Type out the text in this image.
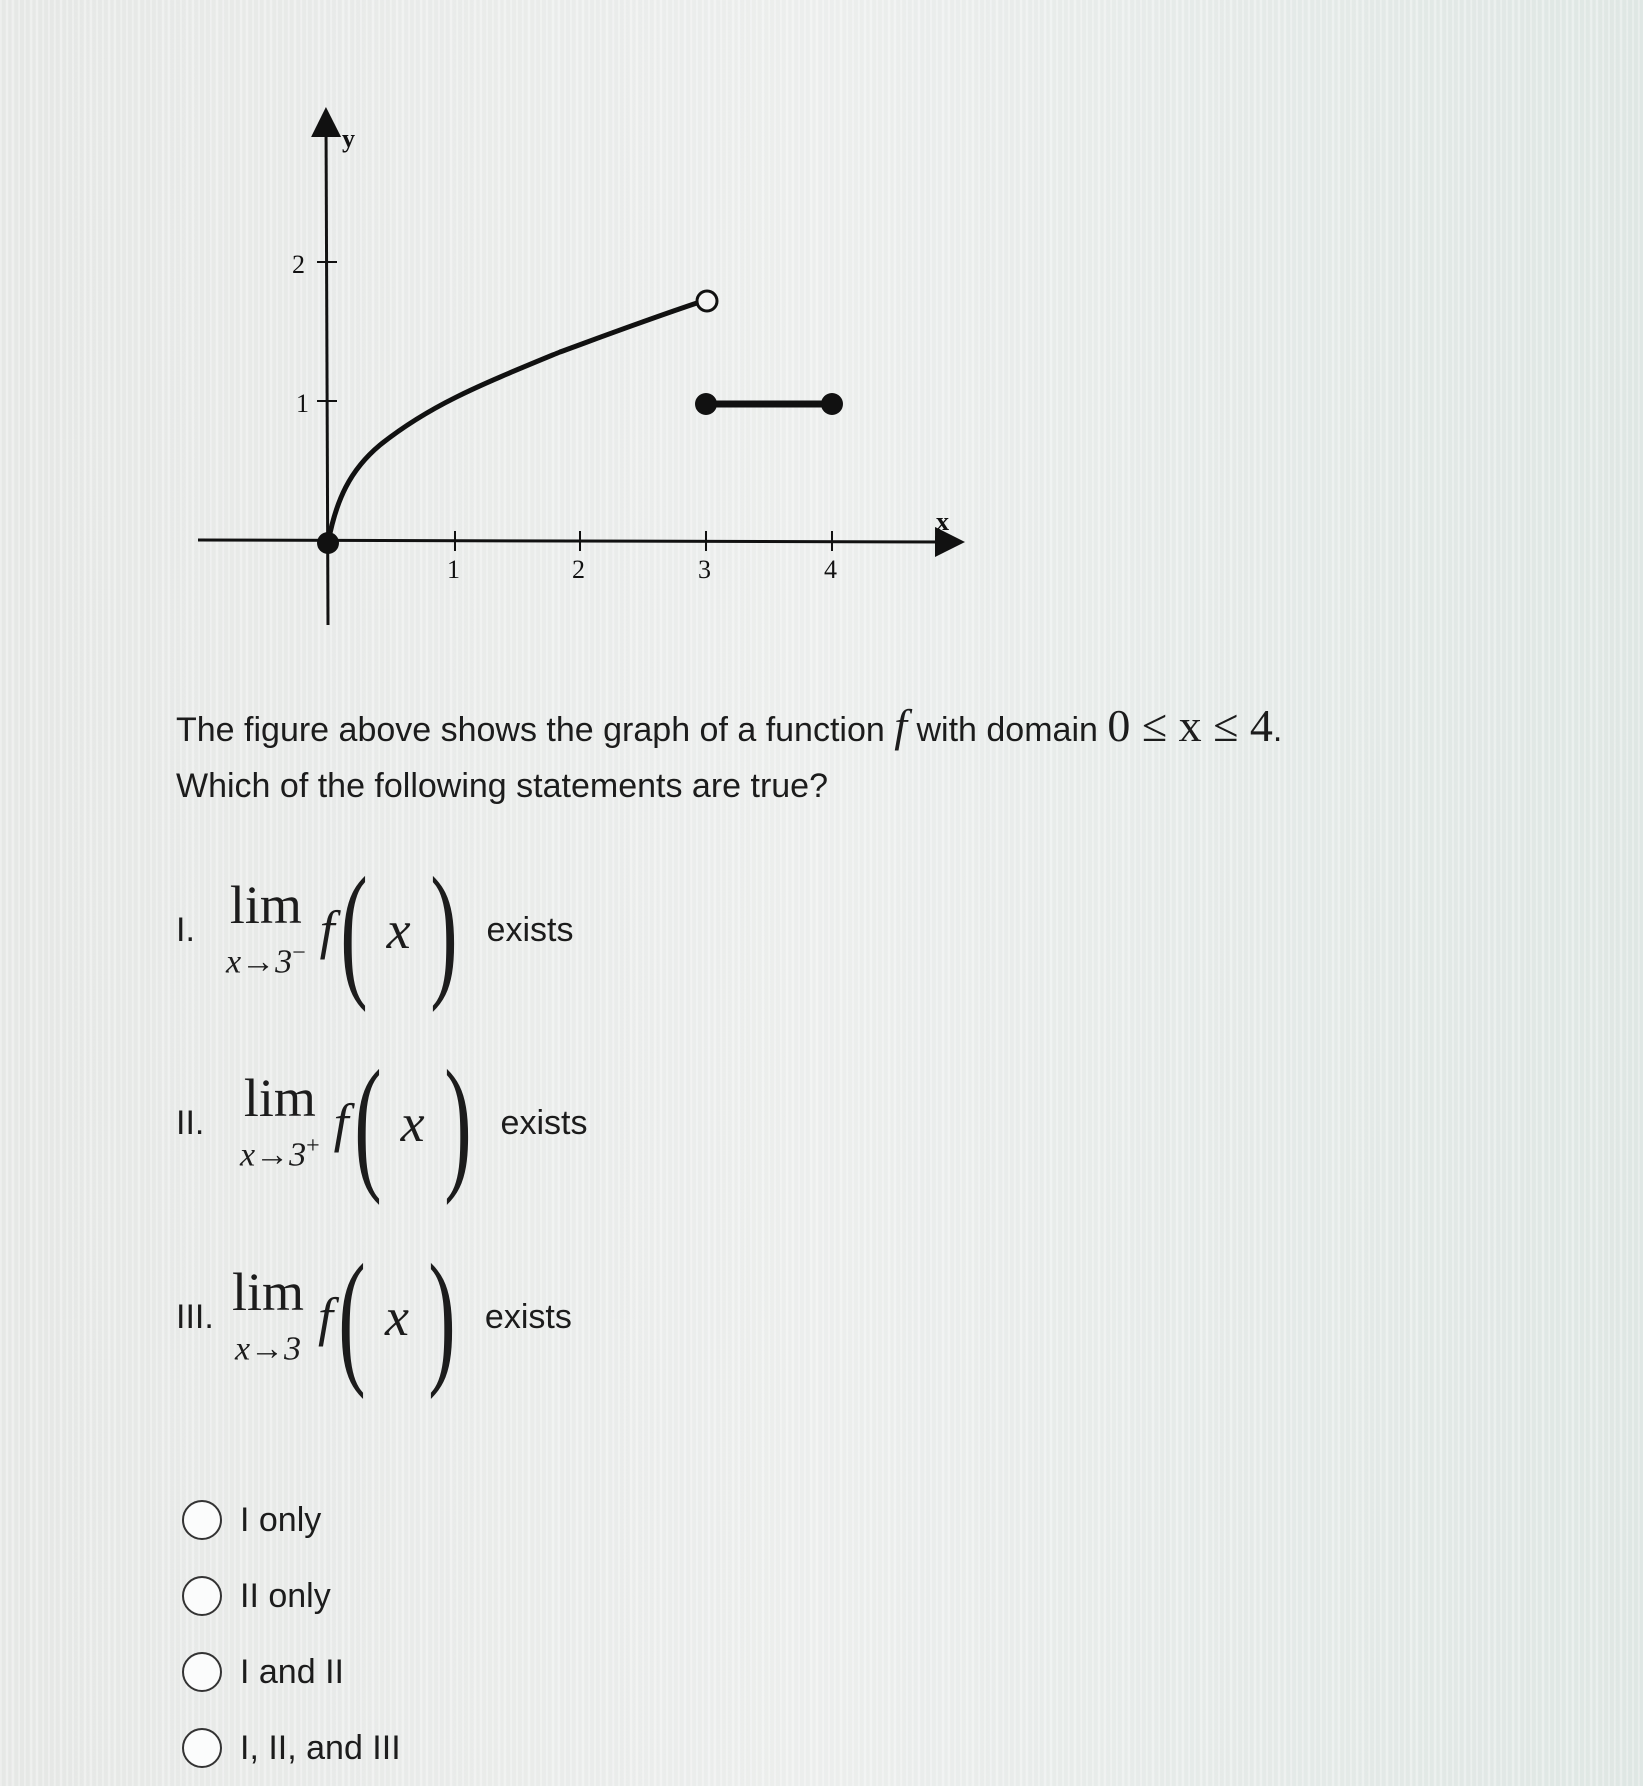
y
x
1	2	3	4
1
2
The figure above shows the graph of a function f with domain 0 ≤ x ≤ 4.
Which of the following statements are true?
I. lim
x→3− f ( x ) exists
II. lim
x→3+ f ( x ) exists
III. lim
x→3
f ( x ) exists
I only
II only
I and II
I, II, and III
